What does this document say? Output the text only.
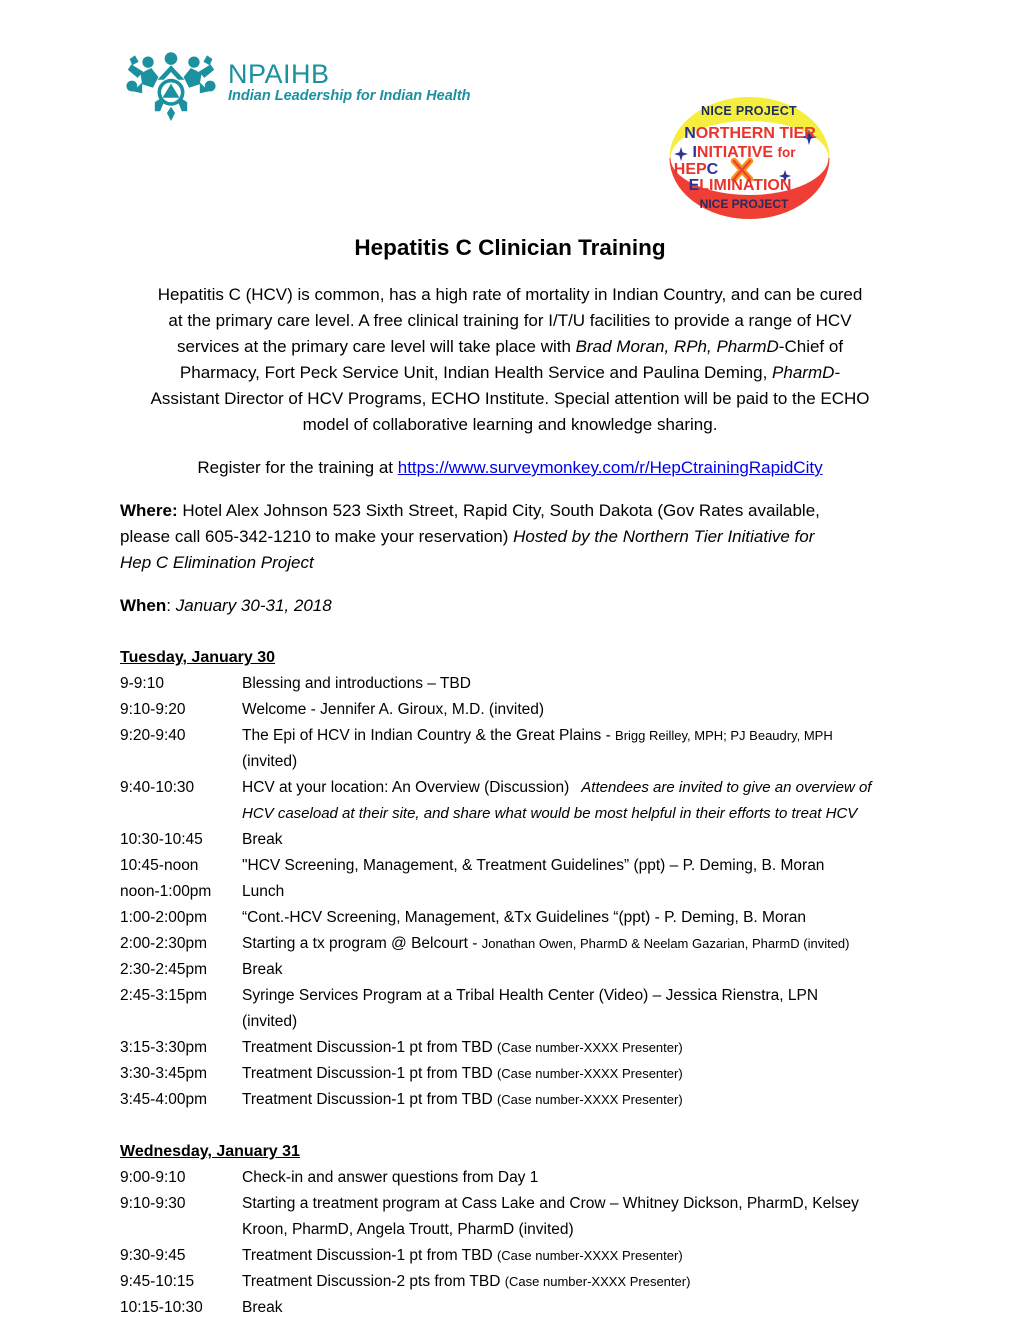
NPAIHB
Indian Leadership for Indian Health
NICE PROJECT
NORTHERN TIER
INITIATIVE for
HEPC
ELIMINATION
NICE PROJECT
Hepatitis C Clinician Training
Hepatitis C (HCV) is common, has a high rate of mortality in Indian Country, and can be cured
at the primary care level. A free clinical training for I/T/U facilities to provide a range of HCV
services at the primary care level will take place with Brad Moran, RPh, PharmD-Chief of
Pharmacy, Fort Peck Service Unit, Indian Health Service and Paulina Deming, PharmD-
Assistant Director of HCV Programs, ECHO Institute. Special attention will be paid to the ECHO
model of collaborative learning and knowledge sharing.
Register for the training at https://www.surveymonkey.com/r/HepCtrainingRapidCity
Where: Hotel Alex Johnson 523 Sixth Street, Rapid City, South Dakota (Gov Rates available,
please call 605-342-1210 to make your reservation) Hosted by the Northern Tier Initiative for
Hep C Elimination Project
When: January 30-31, 2018
Tuesday, January 30
9-9:10	Blessing and introductions – TBD
9:10-9:20	Welcome - Jennifer A. Giroux, M.D. (invited)
9:20-9:40	The Epi of HCV in Indian Country & the Great Plains - Brigg Reilley, MPH; PJ Beaudry, MPH
(invited)
9:40-10:30	HCV at your location: An Overview (Discussion)   Attendees are invited to give an overview of HCV caseload at their site, and share what would be most helpful in their efforts to treat HCV
10:30-10:45	Break
10:45-noon	"HCV Screening, Management, & Treatment Guidelines” (ppt) – P. Deming, B. Moran
noon-1:00pm	Lunch
1:00-2:00pm	“Cont.-HCV Screening, Management, &Tx Guidelines “(ppt) - P. Deming, B. Moran
2:00-2:30pm	Starting a tx program @ Belcourt - Jonathan Owen, PharmD & Neelam Gazarian, PharmD (invited)
2:30-2:45pm	Break
2:45-3:15pm	Syringe Services Program at a Tribal Health Center (Video) – Jessica Rienstra, LPN
(invited)
3:15-3:30pm	Treatment Discussion-1 pt from TBD (Case number-XXXX Presenter)
3:30-3:45pm	Treatment Discussion-1 pt from TBD (Case number-XXXX Presenter)
3:45-4:00pm	Treatment Discussion-1 pt from TBD (Case number-XXXX Presenter)
Wednesday, January 31
9:00-9:10	Check-in and answer questions from Day 1
9:10-9:30	Starting a treatment program at Cass Lake and Crow – Whitney Dickson, PharmD, Kelsey Kroon, PharmD, Angela Troutt, PharmD (invited)
9:30-9:45	Treatment Discussion-1 pt from TBD (Case number-XXXX Presenter)
9:45-10:15	Treatment Discussion-2 pts from TBD (Case number-XXXX Presenter)
10:15-10:30	Break
